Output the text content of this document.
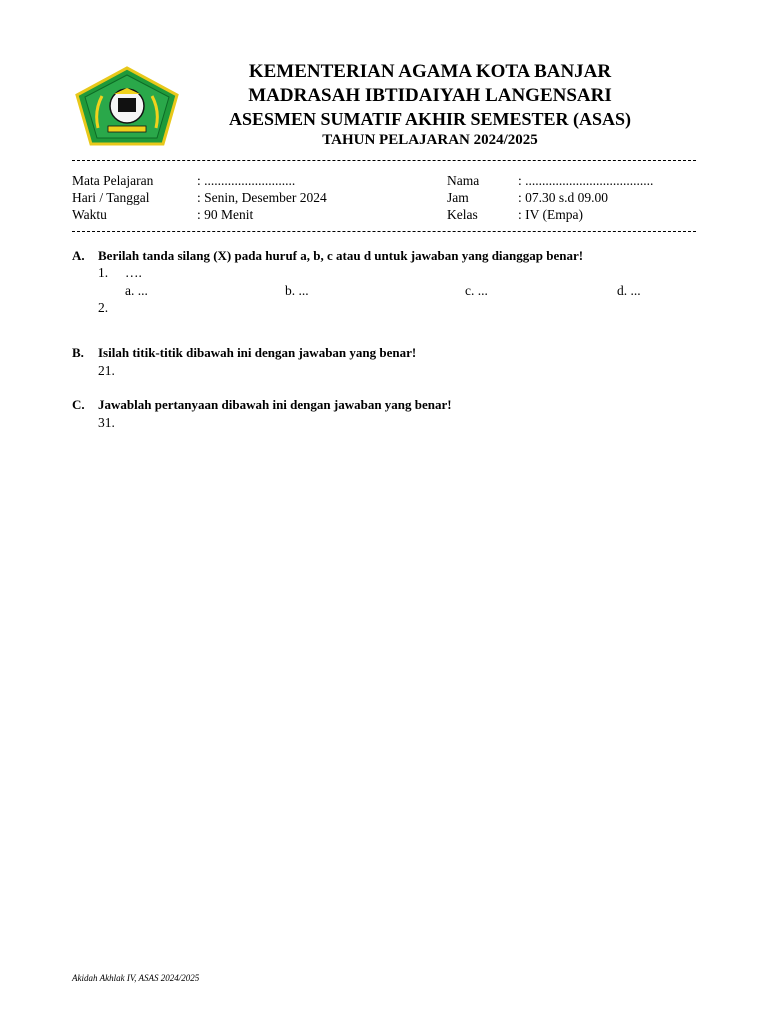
KEMENTERIAN AGAMA KOTA BANJAR
MADRASAH IBTIDAIYAH LANGENSARI
ASESMEN SUMATIF AKHIR SEMESTER (ASAS)
TAHUN PELAJARAN 2024/2025
Mata Pelajaran	: ...........................
Hari / Tanggal	: Senin, Desember 2024
Waktu	: 90 Menit
Nama	: ......................................
Jam	: 07.30 s.d 09.00
Kelas	: IV (Empa)
A. Berilah tanda silang (X) pada huruf a, b, c atau d untuk jawaban yang dianggap benar!
1. ….
a. ...	b. ...	c. ...	d. ...
2.
B. Isilah titik-titik dibawah ini dengan jawaban yang benar!
21.
C. Jawablah pertanyaan dibawah ini dengan jawaban yang benar!
31.
Akidah Akhlak IV, ASAS 2024/2025
